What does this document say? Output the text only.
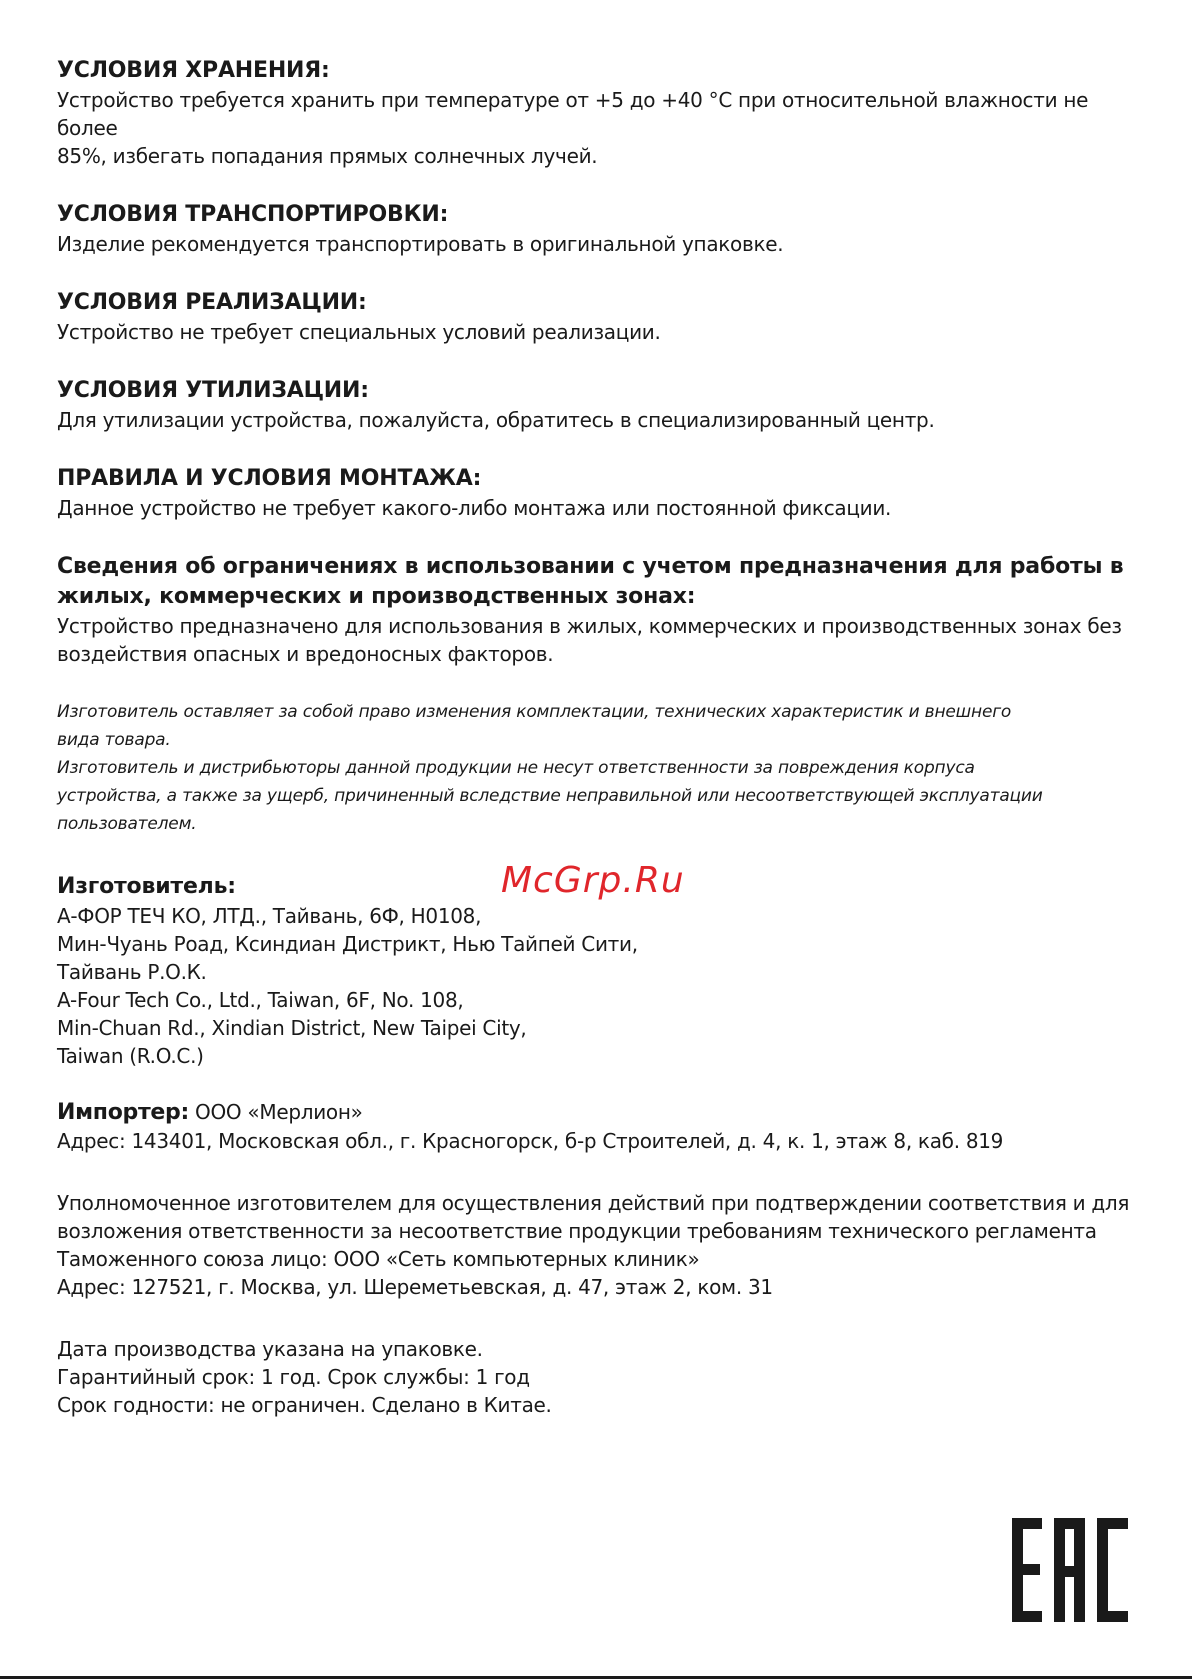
УСЛОВИЯ ХРАНЕНИЯ:

Устройство требуется хранить при температуре от +5 до +40 °С при относительной влажности не более

85%, избегать попадания прямых солнечных лучей.

УСЛОВИЯ ТРАНСПОРТИРОВКИ:

Изделие рекомендуется транспортировать в оригинальной упаковке.

УСЛОВИЯ РЕАЛИЗАЦИИ:

Устройство не требует специальных условий реализации.

УСЛОВИЯ УТИЛИЗАЦИИ:

Для утилизации устройства, пожалуйста, обратитесь в специализированный центр.

ПРАВИЛА И УСЛОВИЯ МОНТАЖА:

Данное устройство не требует какого-либо монтажа или постоянной фиксации.

Сведения об ограничениях в использовании с учетом предназначения для работы в

жилых, коммерческих и производственных зонах:

Устройство предназначено для использования в жилых, коммерческих и производственных зонах без

воздействия опасных и вредоносных факторов.

Изготовитель оставляет за собой право изменения комплектации, технических характеристик и внешнего

вида товара.

Изготовитель и дистрибьюторы данной продукции не несут ответственности за повреждения корпуса

устройства, а также за ущерб, причиненный вследствие неправильной или несоответствующей эксплуатации

пользователем.

McGrp.Ru

Изготовитель:

А-ФОР ТЕЧ КО, ЛТД., Тайвань, 6Ф, Н0108,

Мин-Чуань Роад, Ксиндиан Дистрикт, Нью Тайпей Сити,

Тайвань Р.О.К.

A-Four Tech Co., Ltd., Taiwan, 6F, No. 108,

Min-Chuan Rd., Xindian District, New Taipei City,

Taiwan (R.O.C.)

Импортер: ООО «Мерлион»

Адрес: 143401, Московская обл., г. Красногорск, б-р Строителей, д. 4, к. 1, этаж 8, каб. 819

Уполномоченное изготовителем для осуществления действий при подтверждении соответствия и для

возложения ответственности за несоответствие продукции требованиям технического регламента

Таможенного союза лицо: ООО «Сеть компьютерных клиник»

Адрес: 127521, г. Москва, ул. Шереметьевская, д. 47, этаж 2, ком. 31

Дата производства указана на упаковке.

Гарантийный срок: 1 год. Срок службы: 1 год

Срок годности: не ограничен. Сделано в Китае.
